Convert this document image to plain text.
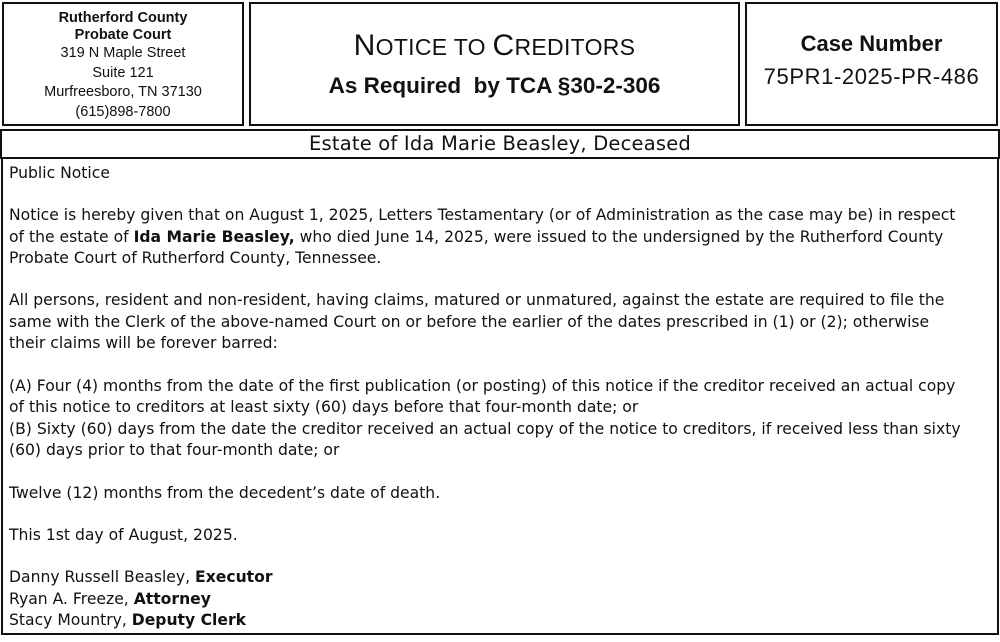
Rutherford County
Probate Court
319 N Maple Street
Suite 121
Murfreesboro, TN 37130
(615)898-7800
NOTICE TO CREDITORS
As Required  by TCA §30-2-306
Case Number
75PR1-2025-PR-486
Estate of Ida Marie Beasley, Deceased
Public Notice
Notice is hereby given that on August 1, 2025, Letters Testamentary (or of Administration as the case may be) in respect
of the estate of Ida Marie Beasley, who died June 14, 2025, were issued to the undersigned by the Rutherford County
Probate Court of Rutherford County, Tennessee.
All persons, resident and non-resident, having claims, matured or unmatured, against the estate are required to file the
same with the Clerk of the above-named Court on or before the earlier of the dates prescribed in (1) or (2); otherwise
their claims will be forever barred:
(A) Four (4) months from the date of the first publication (or posting) of this notice if the creditor received an actual copy
of this notice to creditors at least sixty (60) days before that four-month date; or
(B) Sixty (60) days from the date the creditor received an actual copy of the notice to creditors, if received less than sixty
(60) days prior to that four-month date; or
Twelve (12) months from the decedent’s date of death.
This 1st day of August, 2025.
Danny Russell Beasley, Executor
Ryan A. Freeze, Attorney
Stacy Mountry, Deputy Clerk
